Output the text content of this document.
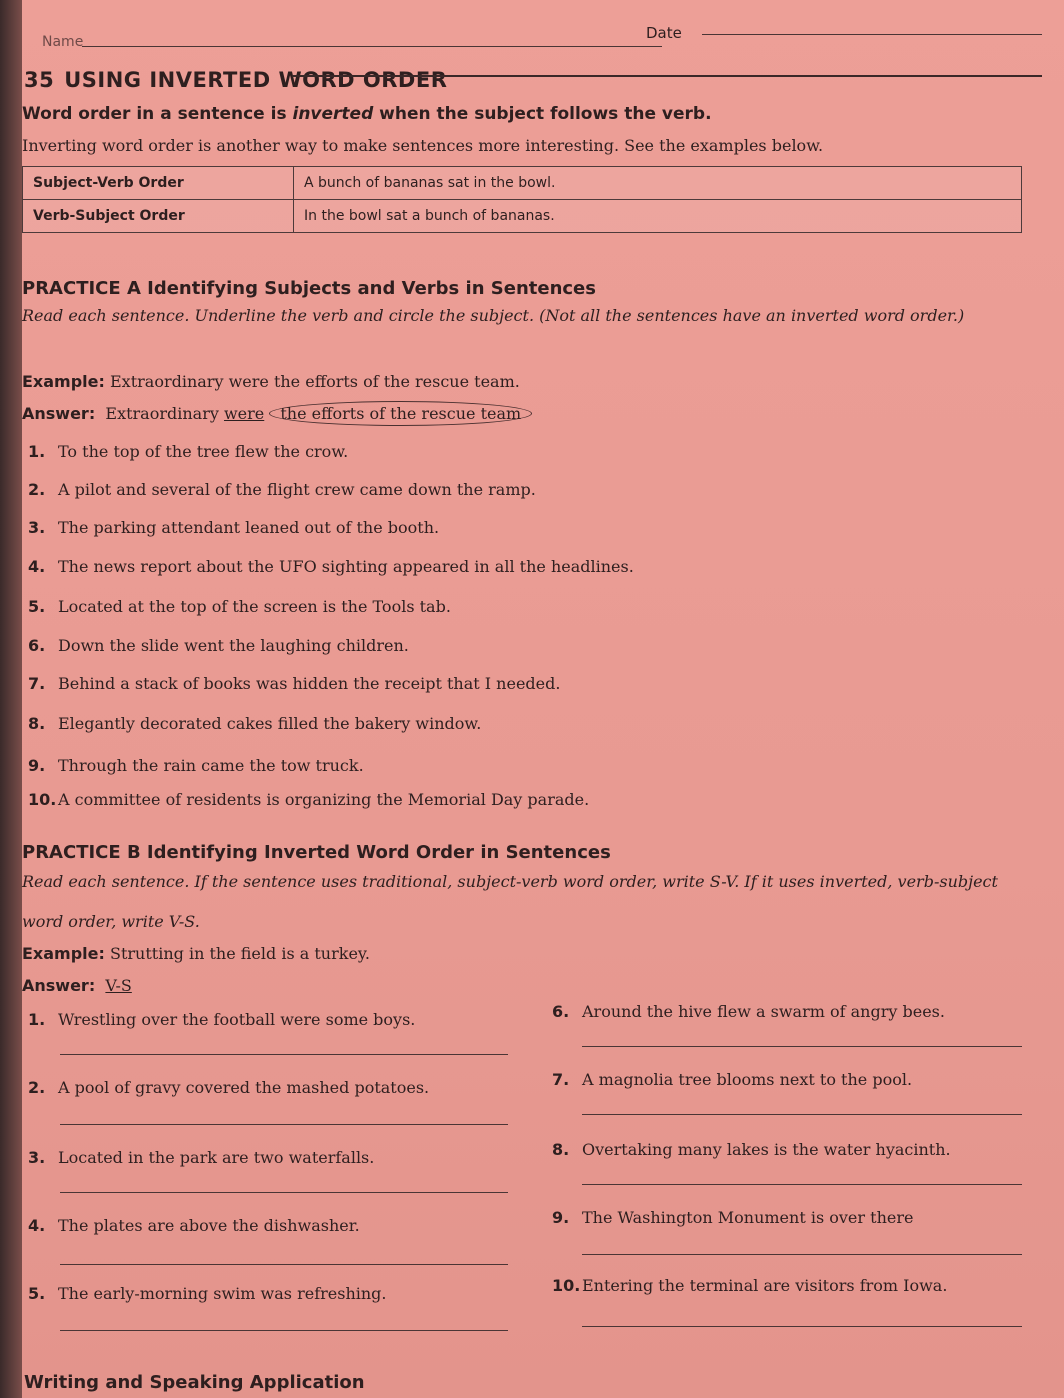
Name	Date
35 USING INVERTED WORD ORDER
Word order in a sentence is inverted when the subject follows the verb.
Inverting word order is another way to make sentences more interesting. See the examples below.
Subject-Verb Order	A bunch of bananas sat in the bowl.
Verb-Subject Order	In the bowl sat a bunch of bananas.
PRACTICE A Identifying Subjects and Verbs in Sentences
Read each sentence. Underline the verb and circle the subject. (Not all the sentences have an inverted word order.)
Example: Extraordinary were the efforts of the rescue team.
Answer: Extraordinary were the efforts of the rescue team
1. To the top of the tree flew the crow.
2. A pilot and several of the flight crew came down the ramp.
3. The parking attendant leaned out of the booth.
4. The news report about the UFO sighting appeared in all the headlines.
5. Located at the top of the screen is the Tools tab.
6. Down the slide went the laughing children.
7. Behind a stack of books was hidden the receipt that I needed.
8. Elegantly decorated cakes filled the bakery window.
9. Through the rain came the tow truck.
10. A committee of residents is organizing the Memorial Day parade.
PRACTICE B Identifying Inverted Word Order in Sentences
Read each sentence. If the sentence uses traditional, subject-verb word order, write S-V. If it uses inverted, verb-subject word order, write V-S.
Example: Strutting in the field is a turkey.
Answer: V-S
1. Wrestling over the football were some boys.
2. A pool of gravy covered the mashed potatoes.
3. Located in the park are two waterfalls.
4. The plates are above the dishwasher.
5. The early-morning swim was refreshing.
6. Around the hive flew a swarm of angry bees.
7. A magnolia tree blooms next to the pool.
8. Overtaking many lakes is the water hyacinth.
9. The Washington Monument is over there
10. Entering the terminal are visitors from Iowa.
Writing and Speaking Application
